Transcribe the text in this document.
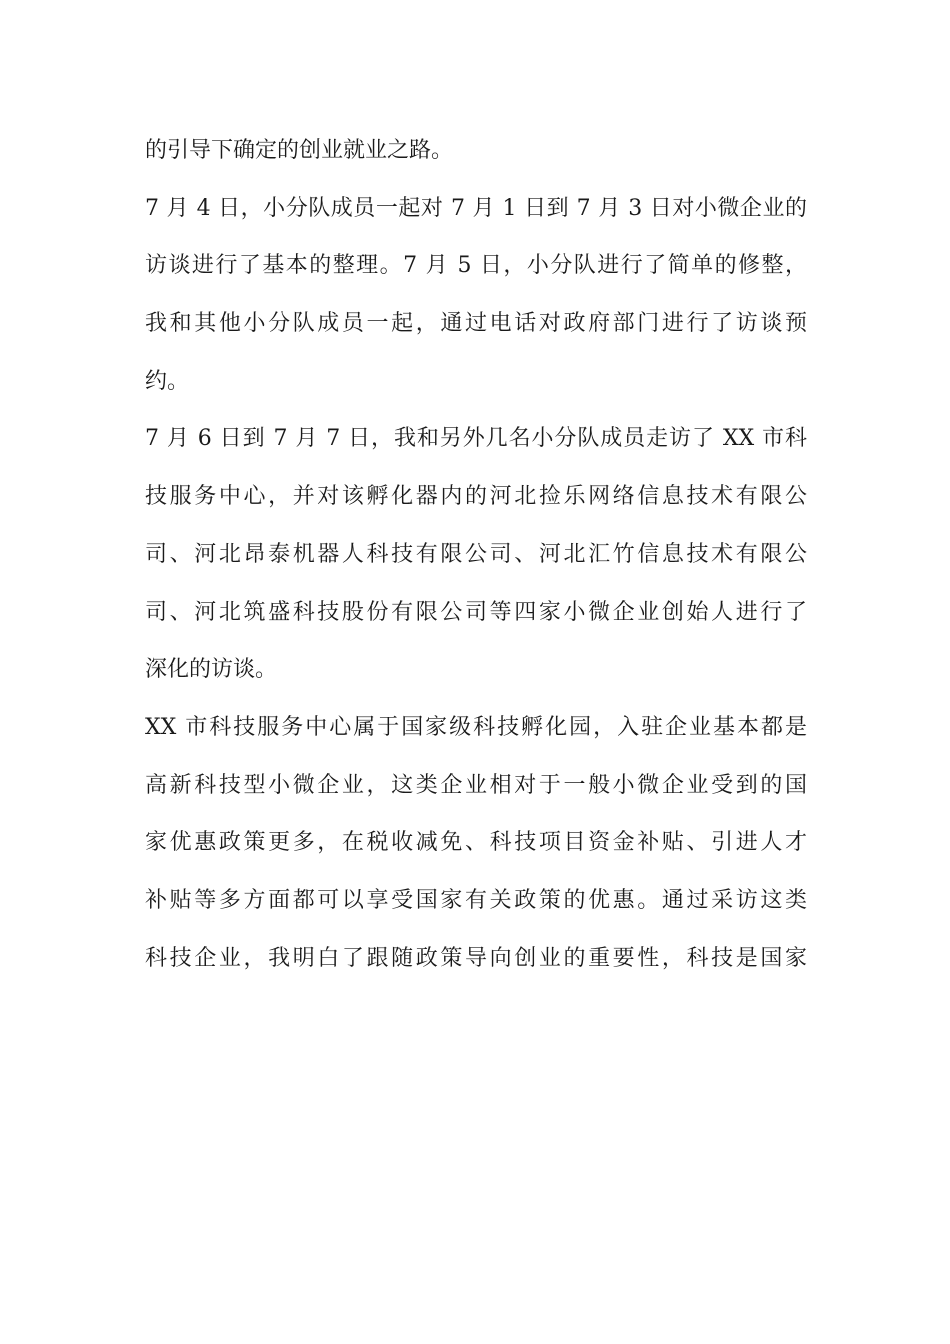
的引导下确定的创业就业之路。
7 月 4 日，小分队成员一起对 7 月 1 日到 7 月 3 日对小微企业的
访谈进行了基本的整理。7 月 5 日，小分队进行了简单的修整，
我和其他小分队成员一起，通过电话对政府部门进行了访谈预
约。
7 月 6 日到 7 月 7 日，我和另外几名小分队成员走访了 XX 市科
技服务中心，并对该孵化器内的河北捡乐网络信息技术有限公
司、河北昂泰机器人科技有限公司、河北汇竹信息技术有限公
司、河北筑盛科技股份有限公司等四家小微企业创始人进行了
深化的访谈。
XX 市科技服务中心属于国家级科技孵化园，入驻企业基本都是
高新科技型小微企业，这类企业相对于一般小微企业受到的国
家优惠政策更多，在税收减免、科技项目资金补贴、引进人才
补贴等多方面都可以享受国家有关政策的优惠。通过采访这类
科技企业，我明白了跟随政策导向创业的重要性，科技是国家
